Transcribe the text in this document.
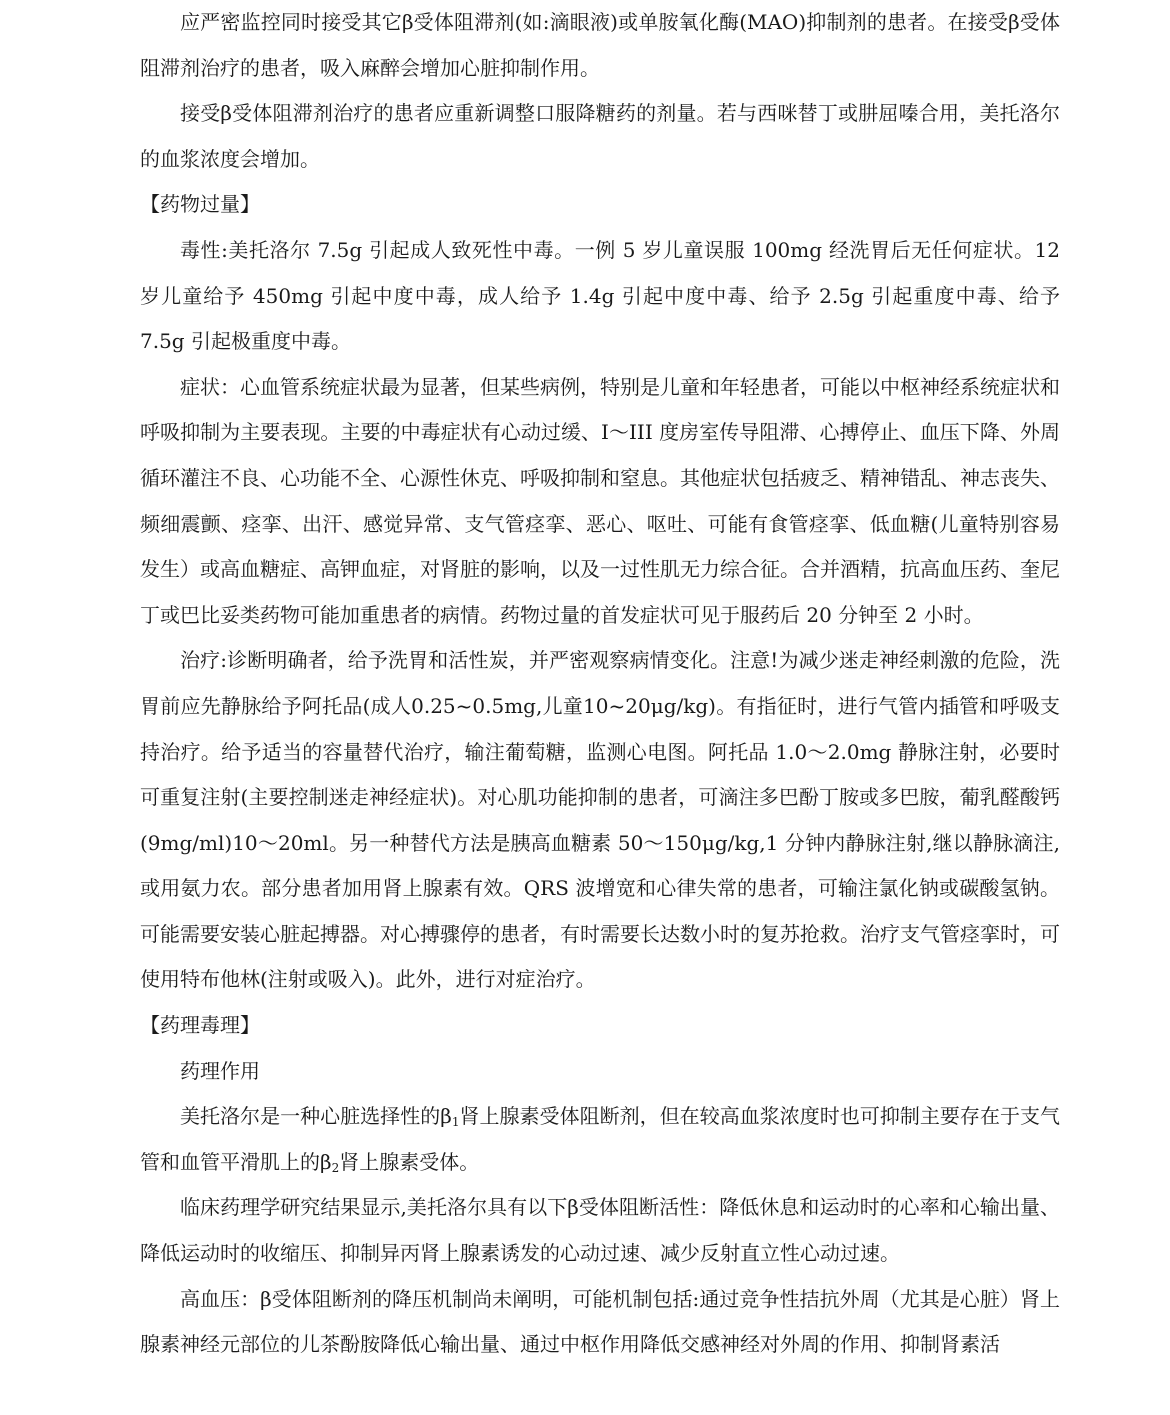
应严密监控同时接受其它β受体阻滞剂(如:滴眼液)或单胺氧化酶(MAO)抑制剂的患者。在接受β受体阻滞剂治疗的患者，吸入麻醉会增加心脏抑制作用。

接受β受体阻滞剂治疗的患者应重新调整口服降糖药的剂量。若与西咪替丁或肼屈嗪合用，美托洛尔的血浆浓度会增加。

【药物过量】

毒性:美托洛尔 7.5g 引起成人致死性中毒。一例 5 岁儿童误服 100mg 经洗胃后无任何症状。12 岁儿童给予 450mg 引起中度中毒，成人给予 1.4g 引起中度中毒、给予 2.5g 引起重度中毒、给予 7.5g 引起极重度中毒。

症状：心血管系统症状最为显著，但某些病例，特别是儿童和年轻患者，可能以中枢神经系统症状和呼吸抑制为主要表现。主要的中毒症状有心动过缓、I～III 度房室传导阻滞、心搏停止、血压下降、外周循环灌注不良、心功能不全、心源性休克、呼吸抑制和窒息。其他症状包括疲乏、精神错乱、神志丧失、频细震颤、痉挛、出汗、感觉异常、支气管痉挛、恶心、呕吐、可能有食管痉挛、低血糖(儿童特别容易发生）或高血糖症、高钾血症，对肾脏的影响，以及一过性肌无力综合征。合并酒精，抗高血压药、奎尼丁或巴比妥类药物可能加重患者的病情。药物过量的首发症状可见于服药后 20 分钟至 2 小时。

治疗:诊断明确者，给予洗胃和活性炭，并严密观察病情变化。注意!为减少迷走神经刺激的危险，洗胃前应先静脉给予阿托品(成人0.25~0.5mg,儿童10~20μg/kg)。有指征时，进行气管内插管和呼吸支持治疗。给予适当的容量替代治疗，输注葡萄糖，监测心电图。阿托品 1.0～2.0mg 静脉注射，必要时可重复注射(主要控制迷走神经症状)。对心肌功能抑制的患者，可滴注多巴酚丁胺或多巴胺，葡乳醛酸钙(9mg/ml)10～20ml。另一种替代方法是胰高血糖素 50～150μg/kg,1 分钟内静脉注射,继以静脉滴注,或用氨力农。部分患者加用肾上腺素有效。QRS 波增宽和心律失常的患者，可输注氯化钠或碳酸氢钠。可能需要安装心脏起搏器。对心搏骤停的患者，有时需要长达数小时的复苏抢救。治疗支气管痉挛时，可使用特布他林(注射或吸入)。此外，进行对症治疗。

【药理毒理】

药理作用

美托洛尔是一种心脏选择性的$\beta_1$肾上腺素受体阻断剂，但在较高血浆浓度时也可抑制主要存在于支气管和血管平滑肌上的$\beta_2$肾上腺素受体。

临床药理学研究结果显示,美托洛尔具有以下β受体阻断活性：降低休息和运动时的心率和心输出量、降低运动时的收缩压、抑制异丙肾上腺素诱发的心动过速、减少反射直立性心动过速。

高血压：β受体阻断剂的降压机制尚未阐明，可能机制包括:通过竞争性拮抗外周（尤其是心脏）肾上腺素神经元部位的儿茶酚胺降低心输出量、通过中枢作用降低交感神经对外周的作用、抑制肾素活
